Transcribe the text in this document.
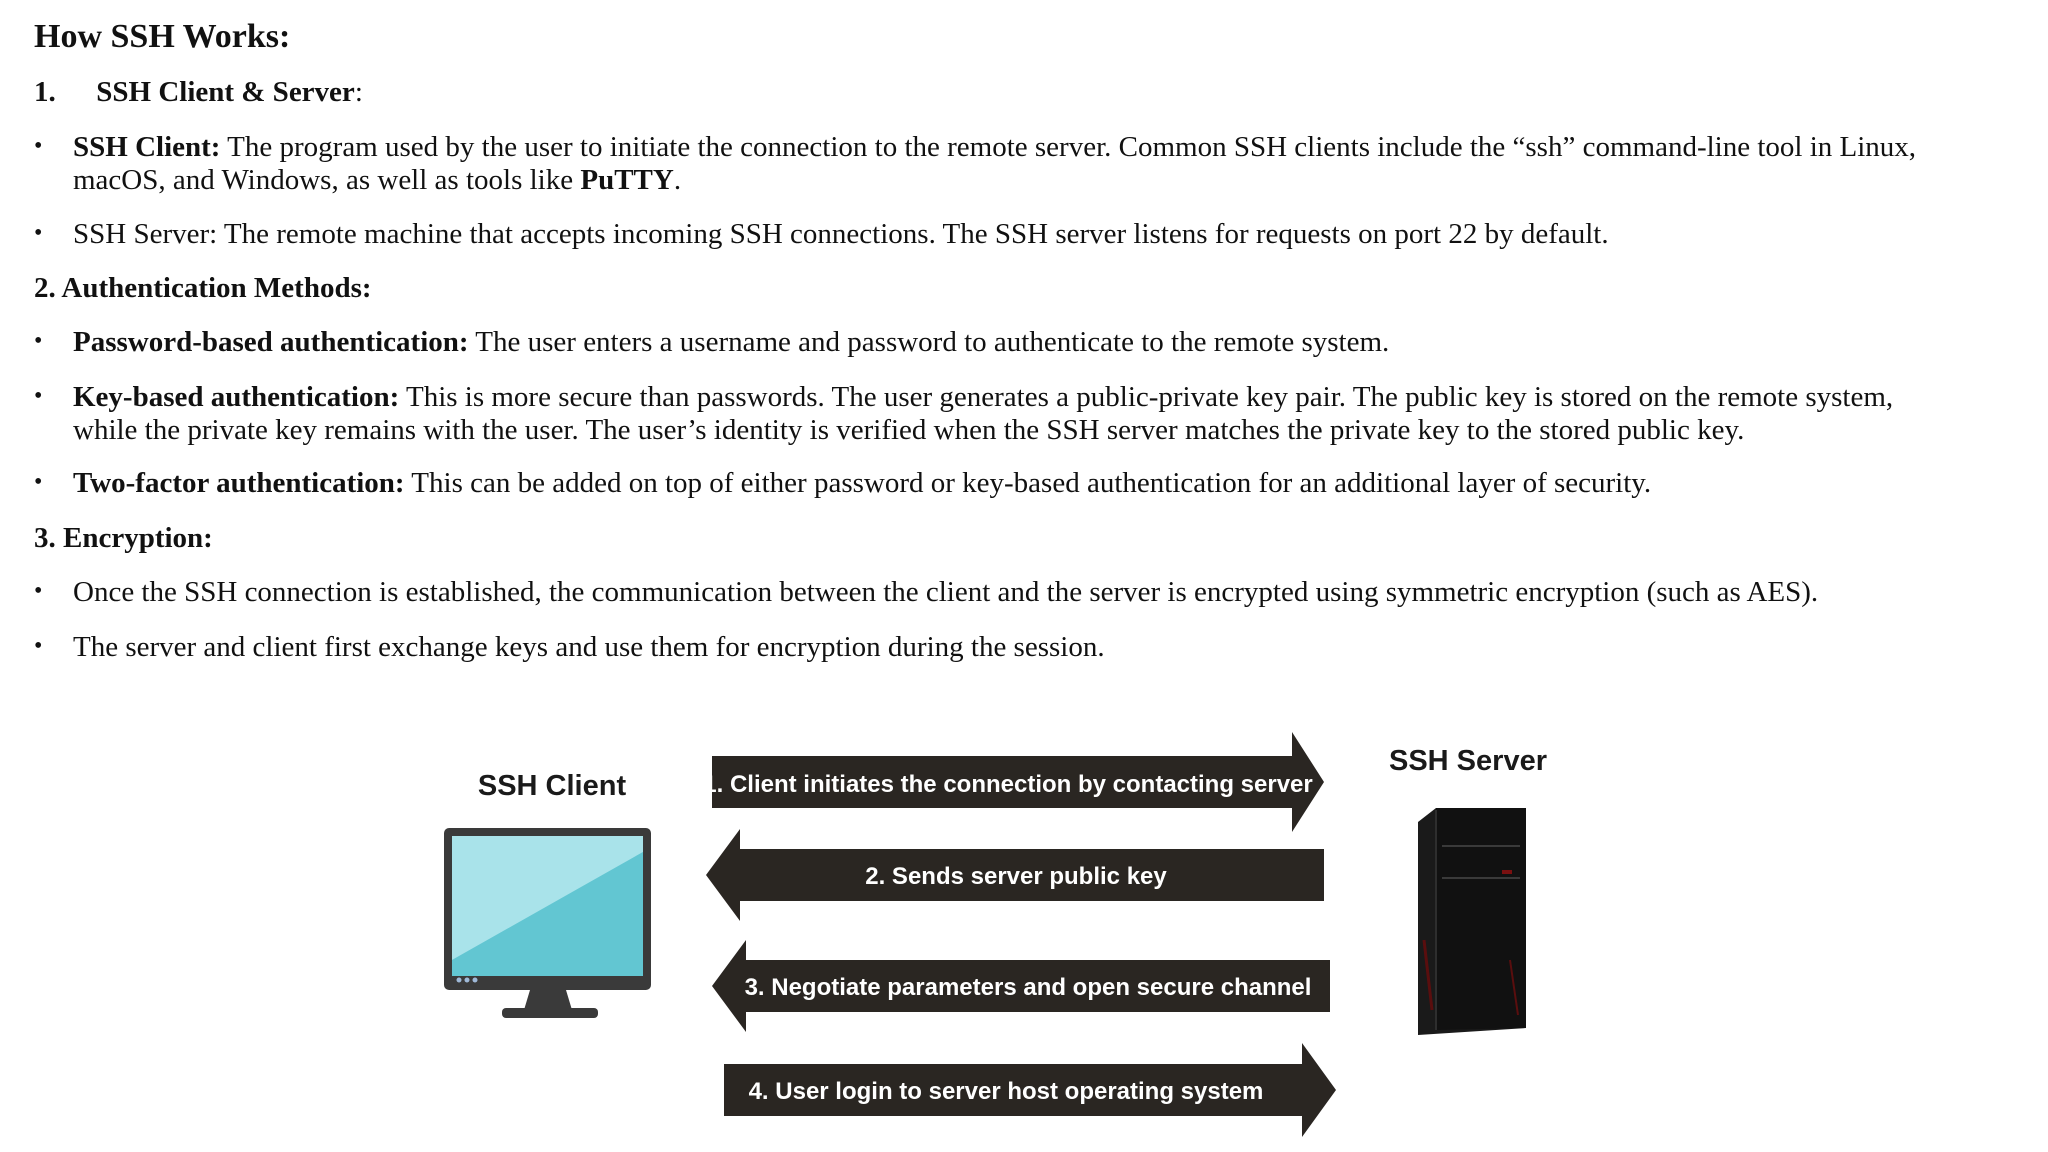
How SSH Works:
1. SSH Client & Server:
• SSH Client: The program used by the user to initiate the connection to the remote server. Common SSH clients include the “ssh” command-line tool in Linux,
macOS, and Windows, as well as tools like PuTTY.
• SSH Server: The remote machine that accepts incoming SSH connections. The SSH server listens for requests on port 22 by default.
2. Authentication Methods:
• Password-based authentication: The user enters a username and password to authenticate to the remote system.
• Key-based authentication: This is more secure than passwords. The user generates a public-private key pair. The public key is stored on the remote system,
while the private key remains with the user. The user’s identity is verified when the SSH server matches the private key to the stored public key.
• Two-factor authentication: This can be added on top of either password or key-based authentication for an additional layer of security.
3. Encryption:
• Once the SSH connection is established, the communication between the client and the server is encrypted using symmetric encryption (such as AES).
• The server and client first exchange keys and use them for encryption during the session.
SSH Client
SSH Server
1. Client initiates the connection by contacting server
2. Sends server public key
3. Negotiate parameters and open secure channel
4. User login to server host operating system
